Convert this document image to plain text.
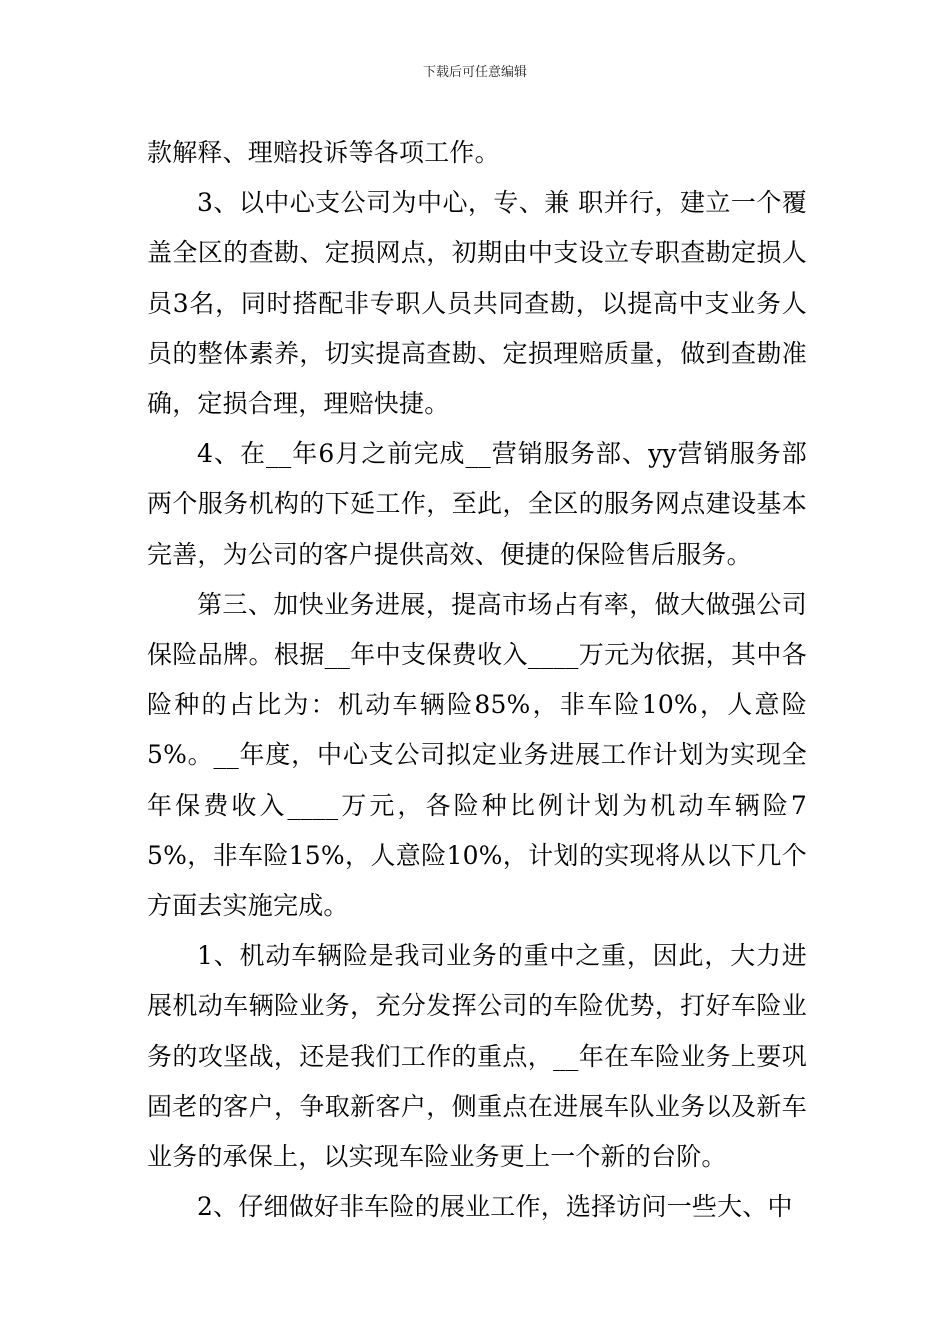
下载后可任意编辑

款解释、理赔投诉等各项工作。

3、以中心支公司为中心，专、兼 职并行，建立一个覆盖全区的查勘、定损网点，初期由中支设立专职查勘定损人员3名，同时搭配非专职人员共同查勘，以提高中支业务人员的整体素养，切实提高查勘、定损理赔质量，做到查勘准确，定损合理，理赔快捷。

4、在__年6月之前完成__营销服务部、yy营销服务部两个服务机构的下延工作，至此，全区的服务网点建设基本完善，为公司的客户提供高效、便捷的保险售后服务。

第三、加快业务进展，提高市场占有率，做大做强公司保险品牌。根据__年中支保费收入____万元为依据，其中各险种的占比为：机动车辆险85%，非车险10%，人意险5%。__年度，中心支公司拟定业务进展工作计划为实现全年保费收入____万元，各险种比例计划为机动车辆险75%，非车险15%，人意险10%，计划的实现将从以下几个方面去实施完成。

1、机动车辆险是我司业务的重中之重，因此，大力进展机动车辆险业务，充分发挥公司的车险优势，打好车险业务的攻坚战，还是我们工作的重点，__年在车险业务上要巩固老的客户，争取新客户，侧重点在进展车队业务以及新车业务的承保上，以实现车险业务更上一个新的台阶。

2、仔细做好非车险的展业工作，选择访问一些大、中
